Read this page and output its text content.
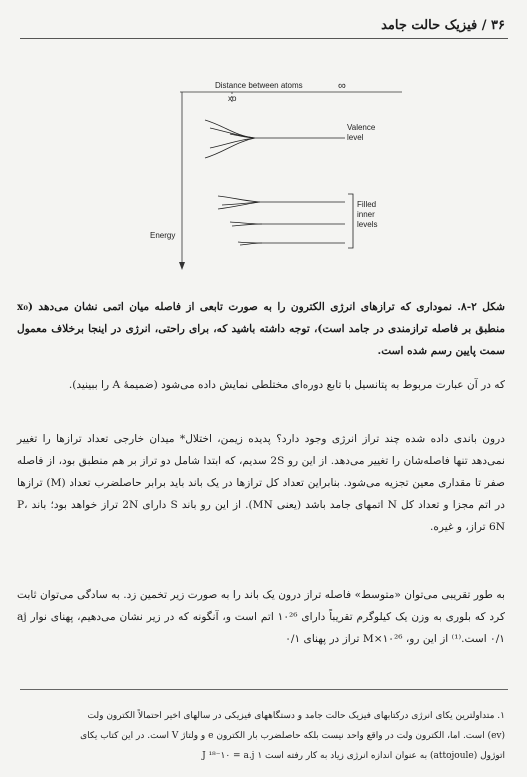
۳۶ / فیزیک حالت جامد
Distance between atoms
xo
∞
Energy
Valence
level
Filled
inner
levels

شکل ۲-۸. نمودارى که ترازهای انرژی الکترون را به صورت تابعی از فاصله میان اتمی نشان می‌دهد (x₀ منطبق بر فاصله ترازمندی در جامد است)، توجه داشته باشید که، برای راحتی، انرژی در اینجا برخلاف معمول سمت پایین رسم شده است.

که در آن عبارت مربوط به پتانسیل با تابع دوره‌ای مختلطی نمایش داده می‌شود (ضمیمهٔ A را ببینید).

درون باندی داده شده چند تراز انرژی وجود دارد؟ پدیده زیمن، اختلال* میدان خارجی تعداد ترازها را تغییر نمی‌دهد تنها فاصله‌شان را تغییر می‌دهد. از این رو 2S سدیم، که ابتدا شامل دو تراز بر هم منطبق بود، از فاصله صفر تا مقداری معین تجزیه می‌شود. بنابراین تعداد کل ترازها در یک باند باید برابر حاصلضرب تعداد (M) ترازها در اتم مجزا و تعداد کل N اتمهای جامد باشد (یعنی MN). از این رو باند S دارای 2N تراز خواهد بود؛ باند P، 6N تراز، و غیره.

به طور تقریبی می‌توان «متوسط» فاصله تراز درون یک باند را به صورت زیر تخمین زد. به سادگی می‌توان ثابت کرد که بلوری به وزن یک کیلوگرم تقریباً دارای ۱۰²⁶ اتم است و، آنگونه که در زیر نشان می‌دهیم، پهنای نوار aj ۰/۱ است.⁽¹⁾ از این رو، M×۱۰²⁶ تراز در پهنای ۰/۱

۱. متداولترین یکای انرژی درکتابهای فیزیک حالت جامد و دستگاههای فیزیکی در سالهای اخیر احتمالاً الکترون ولت

(ev) است. اما، الکترون ولت در واقع واحد نیست بلکه حاصلضرب بار الکترون e و ولتاژ V است. در این کتاب یکای

اتوژول (attojoule) به عنوان اندازه انرژی زیاد به کار رفته است J ¹⁸⁻۱۰ = a.j ۱
